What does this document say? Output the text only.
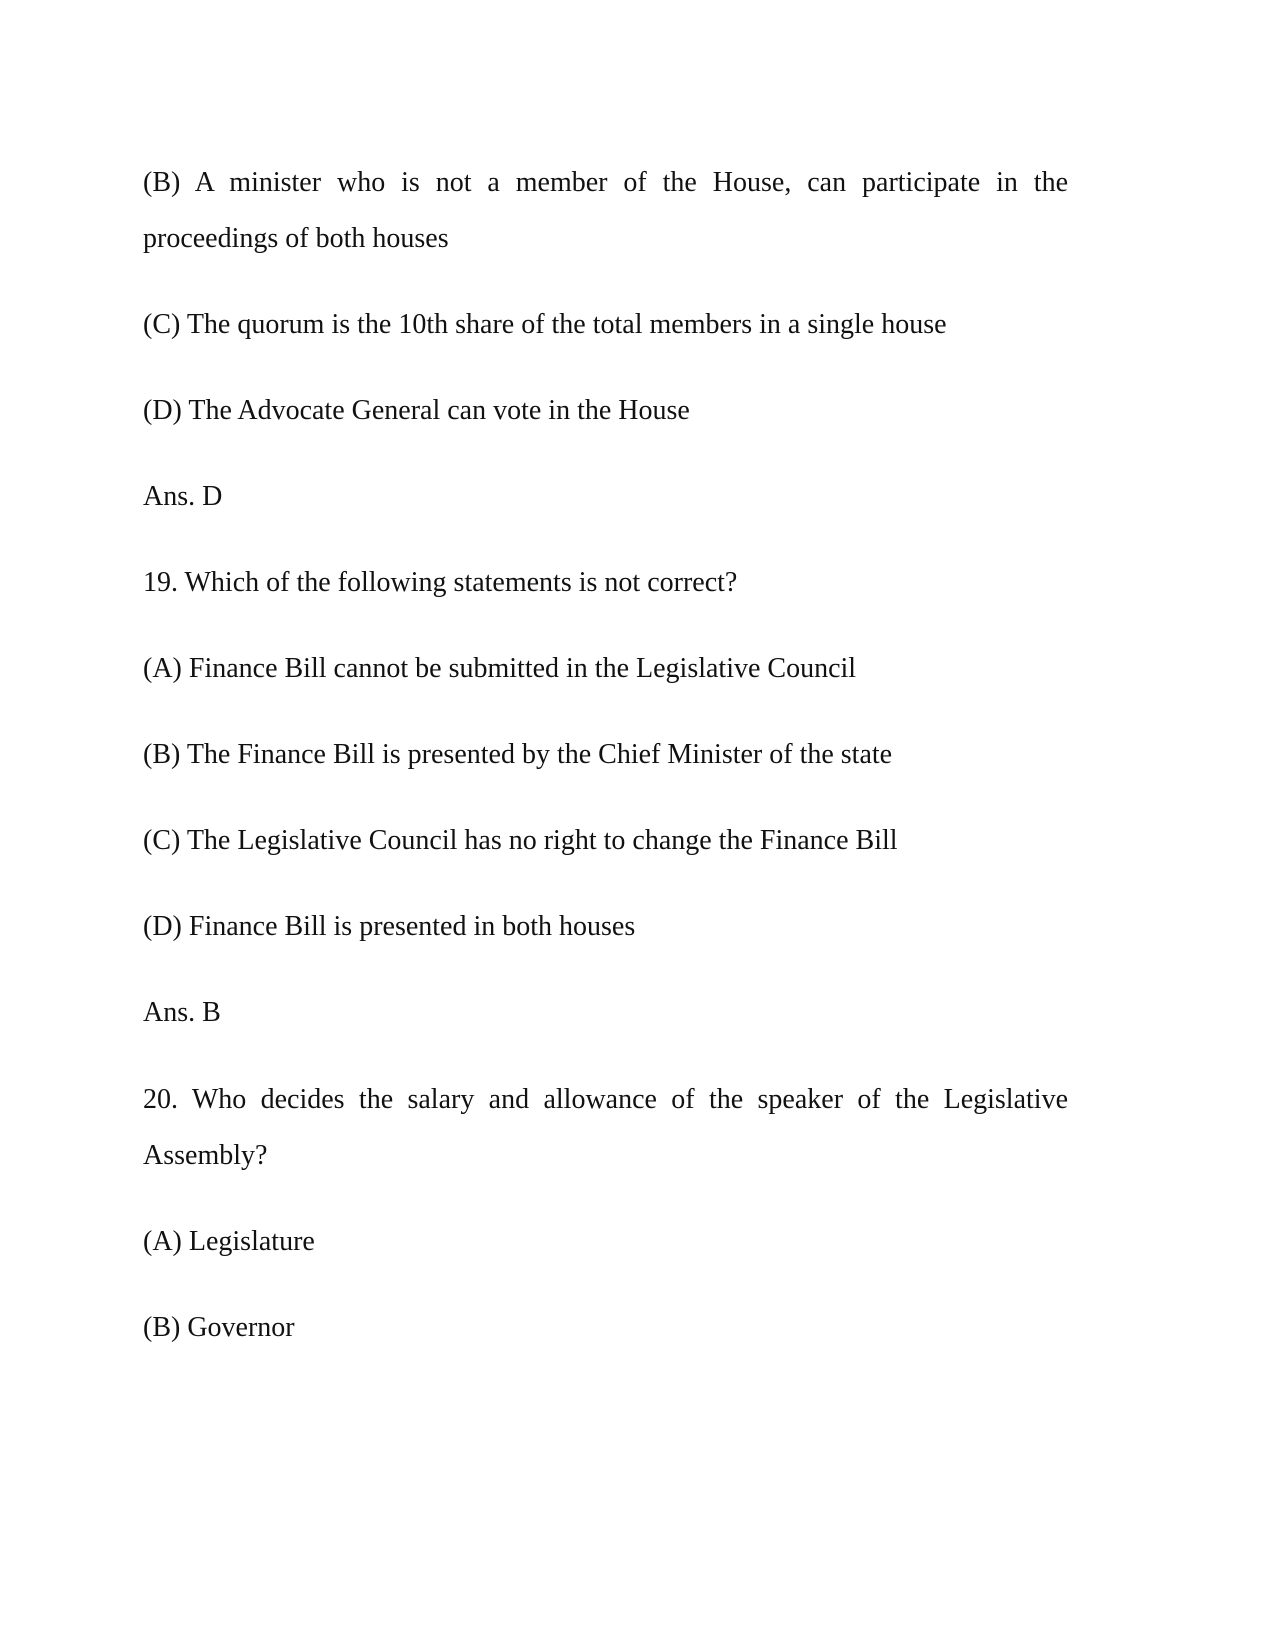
(B) A minister who is not a member of the House, can participate in the
proceedings of both houses
(C) The quorum is the 10th share of the total members in a single house
(D) The Advocate General can vote in the House
Ans. D
19. Which of the following statements is not correct?
(A) Finance Bill cannot be submitted in the Legislative Council
(B) The Finance Bill is presented by the Chief Minister of the state
(C) The Legislative Council has no right to change the Finance Bill
(D) Finance Bill is presented in both houses
Ans. B
20. Who decides the salary and allowance of the speaker of the Legislative
Assembly?
(A) Legislature
(B) Governor
